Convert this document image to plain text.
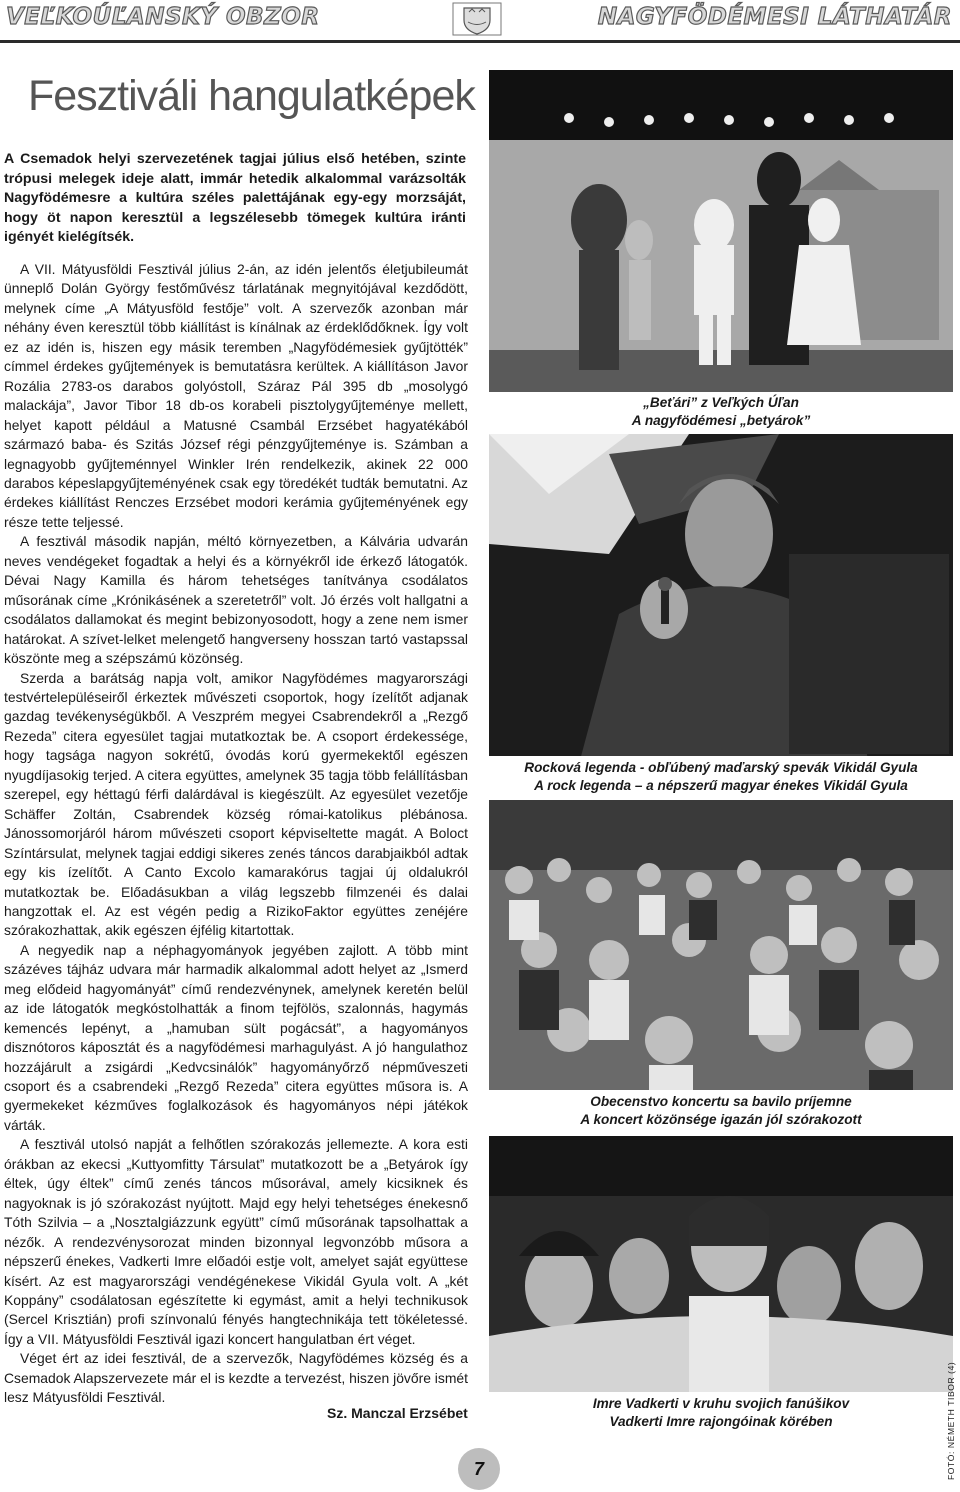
VEĽKOÚĽANSKÝ OBZOR	NAGYFÖDÉMESI LÁTHATÁR
Fesztiváli hangulatképek
A Csemadok helyi szervezetének tagjai július első hetében, szinte trópusi melegek ideje alatt, immár hetedik alkalommal varázsolták Nagyfödémesre a kultúra széles palettájának egy-egy morzsáját, hogy öt napon keresztül a legszélesebb tömegek kultúra iránti igényét kielégítsék.

A VII. Mátyusföldi Fesztivál július 2-án, az idén jelentős életjubileumát ünneplő Dolán György festőművész tárlatának megnyitójával kezdődött, melynek címe „A Mátyusföld festője” volt. A szervezők azonban már néhány éven keresztül több kiállítást is kínálnak az érdeklődőknek. Így volt ez az idén is, hiszen egy másik teremben „Nagyfödémesiek gyűjtötték” címmel érdekes gyűjtemények is bemutatásra kerültek. A kiállításon Javor Rozália 2783-os darabos golyóstoll, Száraz Pál 395 db „mosolygó malackája”, Javor Tibor 18 db-os korabeli pisztolygyűjteménye mellett, helyet kapott például a Matusné Csambál Erzsébet hagyatékából származó baba- és Szitás József régi pénzgyűjteménye is. Számban a legnagyobb gyűjteménnyel Winkler Irén rendelkezik, akinek 22 000 darabos képeslapgyűjteményének csak egy töredékét tudták bemutatni. Az érdekes kiállítást Renczes Erzsébet modori kerámia gyűjteményének egy része tette teljessé.

A fesztivál második napján, méltó környezetben, a Kálvária udvarán neves vendégeket fogadtak a helyi és a környékről ide érkező látogatók. Dévai Nagy Kamilla és három tehetséges tanítványa csodálatos műsorának címe „Krónikásének a szeretetről” volt. Jó érzés volt hallgatni a csodálatos dallamokat és megint bebizonyosodott, hogy a zene nem ismer határokat. A szívet-lelket melengető hangverseny hosszan tartó vastapssal köszönte meg a szépszámú közönség.

Szerda a barátság napja volt, amikor Nagyfödémes magyarországi testvértelepüléseiről érkeztek művészeti csoportok, hogy ízelítőt adjanak gazdag tevékenységükből. A Veszprém megyei Csabrendekről a „Rezgő Rezeda” citera egyesület tagjai mutatkoztak be. A csoport érdekessége, hogy tagsága nagyon sokrétű, óvodás korú gyermekektől egészen nyugdíjasokig terjed. A citera együttes, amelynek 35 tagja több felállításban szerepel, egy héttagú férfi dalárdával is kiegészült. Az egyesület vezetője Schäffer Zoltán, Csabrendek község római-katolikus plébánosa. Jánossomorjáról három művészeti csoport képviseltette magát. A Boloct Színtársulat, melynek tagjai eddigi sikeres zenés táncos darabjaikból adtak egy kis ízelítőt. A Canto Excolo kamarakórus tagjai új oldalukról mutatkoztak be. Előadásukban a világ legszebb filmzenéi és dalai hangzottak el. Az est végén pedig a RizikoFaktor együttes zenéjére szórakozhattak, akik egészen éjfélig kitartottak.

A negyedik nap a néphagyományok jegyében zajlott. A több mint százéves tájház udvara már harmadik alkalommal adott helyet az „Ismerd meg elődeid hagyományát” című rendezvénynek, amelynek keretén belül az ide látogatók megkóstolhatták a finom tejfölös, szalonnás, hagymás kemencés lepényt, a „hamuban sült pogácsát”, a hagyományos disznótoros káposztát és a nagyfödémesi marhagulyást. A jó hangulathoz hozzájárult a zsigárdi „Kedvcsinálók” hagyományőrző népműveszeti csoport és a csabrendeki „Rezgő Rezeda” citera együttes műsora is. A gyermekeket kézműves foglalkozások és hagyományos népi játékok várták.

A fesztivál utolsó napját a felhőtlen szórakozás jellemezte. A kora esti órákban az ekecsi „Kuttyomfitty Társulat” mutatkozott be a „Betyárok így éltek, úgy éltek” című zenés táncos műsorával, amely kicsiknek és nagyoknak is jó szórakozást nyújtott. Majd egy helyi tehetséges énekesnő Tóth Szilvia – a „Nosztalgiázzunk együtt” című műsorának tapsolhattak a nézők. A rendezvénysorozat minden bizonnyal legvonzóbb műsora a népszerű énekes, Vadkerti Imre előadói estje volt, amelyet saját együttese kísért. Az est magyarországi vendégénekese Vikidál Gyula volt. A „két Koppány” csodálatosan egészítette ki egymást, amit a helyi technikusok (Sercel Krisztián) profi színvonalú fényés hangtechnikája tett tökéletessé. Így a VII. Mátyusföldi Fesztivál igazi koncert hangulatban ért véget.

Véget ért az idei fesztivál, de a szervezők, Nagyfödémes község és a Csemadok Alapszervezete már el is kezdte a tervezést, hiszen jövőre ismét lesz Mátyusföldi Fesztivál.

Sz. Manczal Erzsébet
„Beťári” z Veľkých Úľan
A nagyfödémesi „betyárok”
Rocková legenda - obľúbený maďarský spevák Vikidál Gyula
A rock legenda – a népszerű magyar énekes Vikidál Gyula
Obecenstvo koncertu sa bavilo príjemne
A koncert közönsége igazán jól szórakozott
Imre Vadkerti v kruhu svojich fanúšikov
Vadkerti Imre rajongóinak körében	FOTÓ: NÉMETH TIBOR (4)
7
